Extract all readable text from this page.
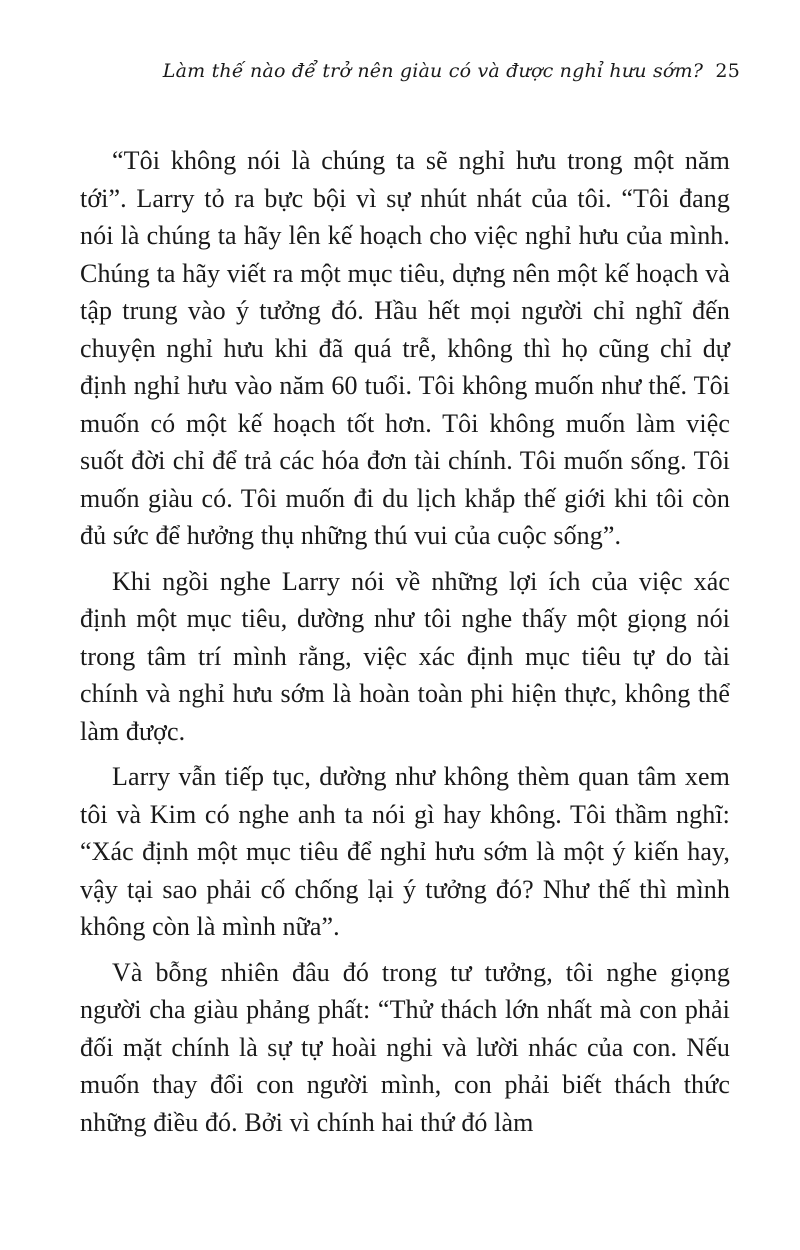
Làm thế nào để trở nên giàu có và được nghỉ hưu sớm? 25

“Tôi không nói là chúng ta sẽ nghỉ hưu trong một năm tới”. Larry tỏ ra bực bội vì sự nhút nhát của tôi. “Tôi đang nói là chúng ta hãy lên kế hoạch cho việc nghỉ hưu của mình. Chúng ta hãy viết ra một mục tiêu, dựng nên một kế hoạch và tập trung vào ý tưởng đó. Hầu hết mọi người chỉ nghĩ đến chuyện nghỉ hưu khi đã quá trễ, không thì họ cũng chỉ dự định nghỉ hưu vào năm 60 tuổi. Tôi không muốn như thế. Tôi muốn có một kế hoạch tốt hơn. Tôi không muốn làm việc suốt đời chỉ để trả các hóa đơn tài chính. Tôi muốn sống. Tôi muốn giàu có. Tôi muốn đi du lịch khắp thế giới khi tôi còn đủ sức để hưởng thụ những thú vui của cuộc sống”.

Khi ngồi nghe Larry nói về những lợi ích của việc xác định một mục tiêu, dường như tôi nghe thấy một giọng nói trong tâm trí mình rằng, việc xác định mục tiêu tự do tài chính và nghỉ hưu sớm là hoàn toàn phi hiện thực, không thể làm được.

Larry vẫn tiếp tục, dường như không thèm quan tâm xem tôi và Kim có nghe anh ta nói gì hay không. Tôi thầm nghĩ: “Xác định một mục tiêu để nghỉ hưu sớm là một ý kiến hay, vậy tại sao phải cố chống lại ý tưởng đó? Như thế thì mình không còn là mình nữa”.

Và bỗng nhiên đâu đó trong tư tưởng, tôi nghe giọng người cha giàu phảng phất: “Thử thách lớn nhất mà con phải đối mặt chính là sự tự hoài nghi và lười nhác của con. Nếu muốn thay đổi con người mình, con phải biết thách thức những điều đó. Bởi vì chính hai thứ đó làm
